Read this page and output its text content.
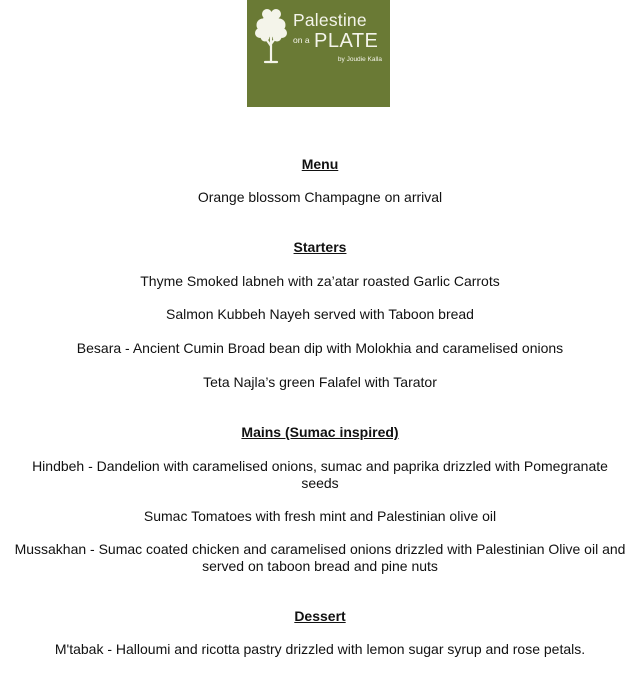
Palestine
$^{on a}$ PLATE
by Joudie Kalla
Menu
Orange blossom Champagne on arrival
Starters
Thyme Smoked labneh with za’atar roasted Garlic Carrots
Salmon Kubbeh Nayeh served with Taboon bread
Besara - Ancient Cumin Broad bean dip with Molokhia and caramelised onions
Teta Najla’s green Falafel with Tarator
Mains (Sumac inspired)
Hindbeh - Dandelion with caramelised onions, sumac and paprika drizzled with Pomegranate
seeds
Sumac Tomatoes with fresh mint and Palestinian olive oil
Mussakhan - Sumac coated chicken and caramelised onions drizzled with Palestinian Olive oil and
served on taboon bread and pine nuts
Dessert
M'tabak - Halloumi and ricotta pastry drizzled with lemon sugar syrup and rose petals.
